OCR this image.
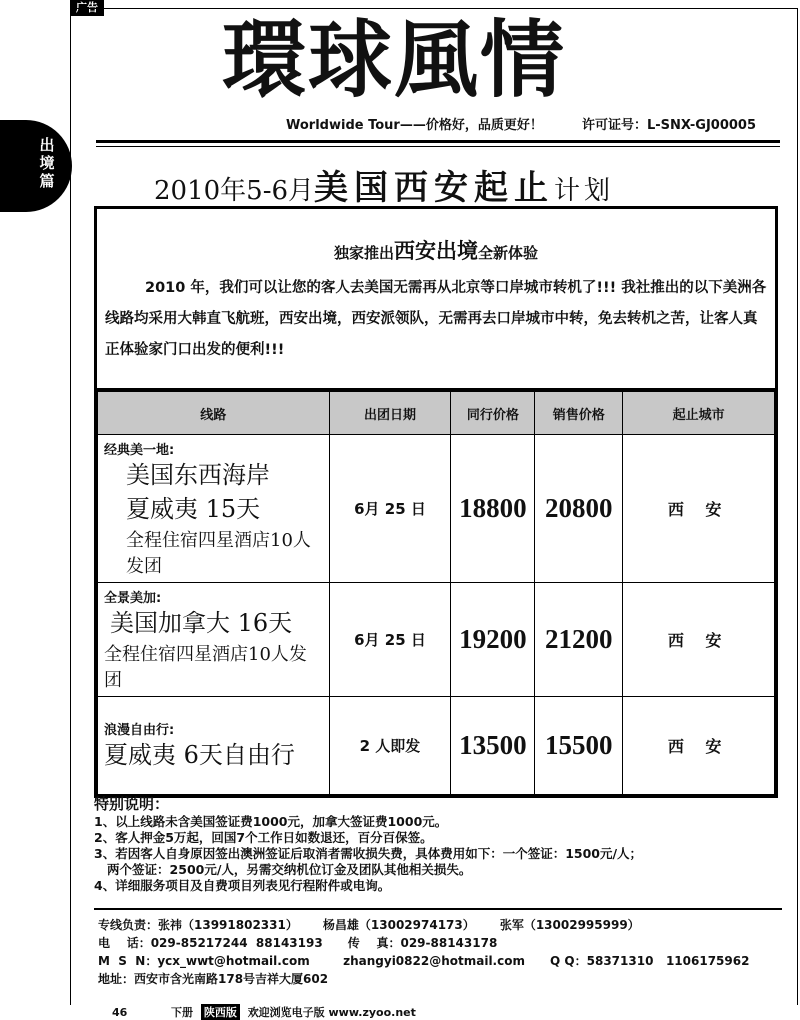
广告
出
境
篇
環球風情
Worldwide Tour——价格好，品质更好！	许可证号：L-SNX-GJ00005
2010年5-6月美国西安起止计划
独家推出西安出境全新体验
2010 年，我们可以让您的客人去美国无需再从北京等口岸城市转机了!!! 我社推出的以下美洲各线路均采用大韩直飞航班，西安出境，西安派领队，无需再去口岸城市中转，免去转机之苦，让客人真正体验家门口出发的便利!!!
线路	出团日期	同行价格	销售价格	起止城市

经典美一地:
美国东西海岸
夏威夷 15天
全程住宿四星酒店10人发团	6月 25 日	18800	20800	西 安

全景美加:
美国加拿大 16天
全程住宿四星酒店10人发团	6月 25 日	19200	21200	西 安

浪漫自由行:
夏威夷 6天自由行	2 人即发	13500	15500	西 安
特别说明：
1、以上线路未含美国签证费1000元，加拿大签证费1000元。
2、客人押金5万起，回国7个工作日如数退还，百分百保签。
3、若因客人自身原因签出澳洲签证后取消者需收损失费，具体费用如下：一个签证：1500元/人；
两个签证：2500元/人，另需交纳机位订金及团队其他相关损失。
4、详细服务项目及自费项目列表见行程附件或电询。
专线负责：张祎（13991802331）      杨昌雄（13002974173）      张军（13002995999）
电    话：029-85217244  88143193      传    真：029-88143178
M  S  N：ycx_wwt@hotmail.com        zhangyi0822@hotmail.com      Q Q：58371310   1106175962
地址：西安市含光南路178号吉祥大厦602
46	下册 陕西版 欢迎浏览电子版 www.zyoo.net
